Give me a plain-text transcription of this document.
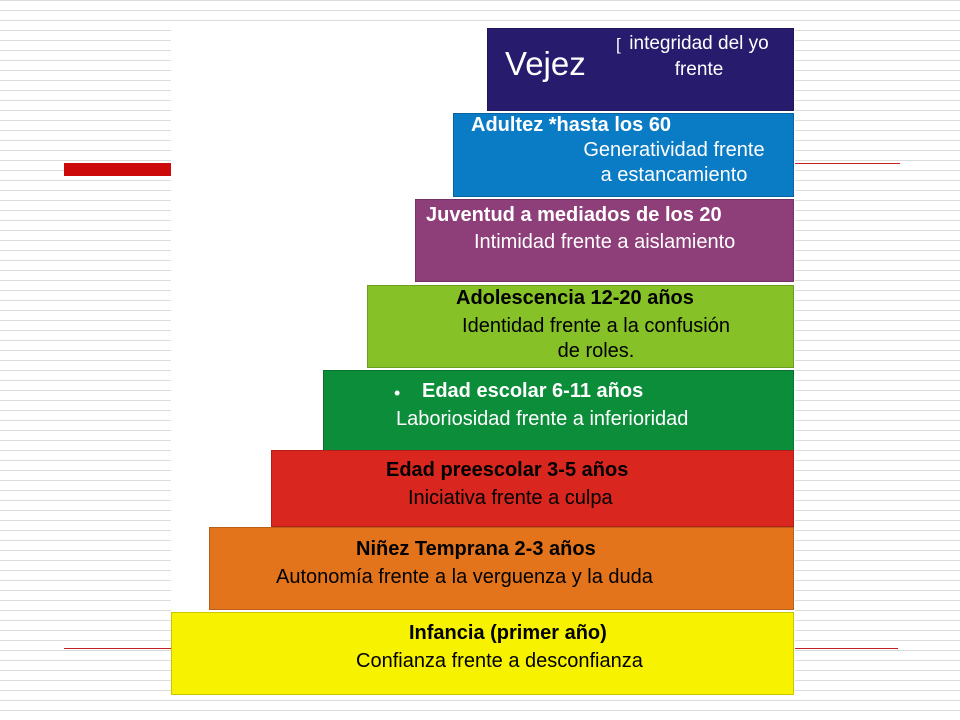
Vejez
[ integridad del yo
frente
Adultez *hasta los 60
Generatividad frente
a estancamiento
Juventud a mediados de los 20
Intimidad frente a aislamiento
Adolescencia 12-20 años
Identidad frente a la confusión
de roles.
• Edad escolar 6-11 años
Laboriosidad frente a inferioridad
Edad preescolar 3-5 años
Iniciativa frente a culpa
Niñez Temprana 2-3 años
Autonomía frente a la verguenza y la duda
Infancia (primer año)
Confianza frente a desconfianza
